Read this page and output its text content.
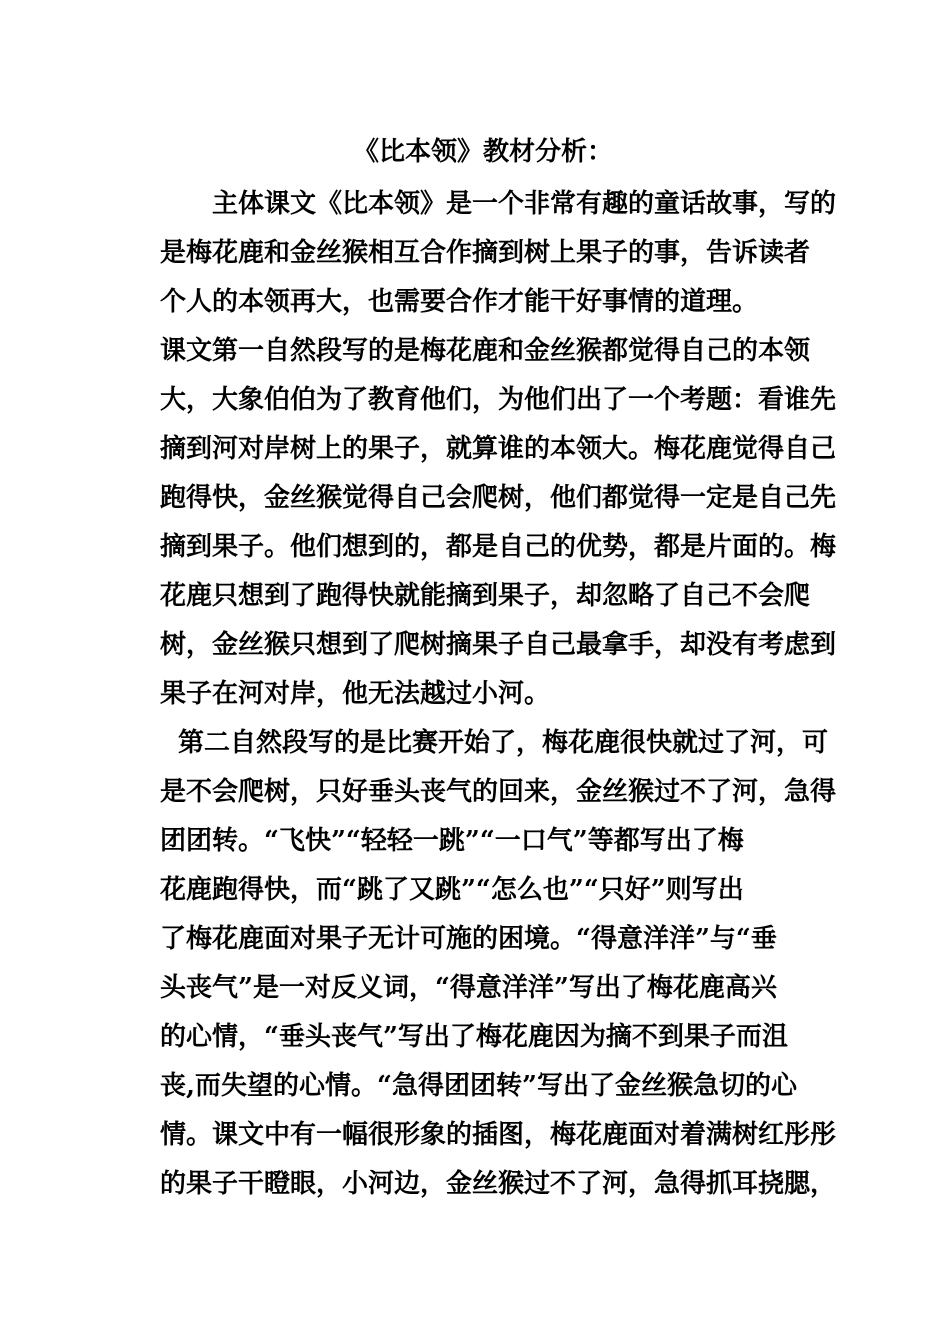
《比本领》教材分析：

主体课文《比本领》是一个非常有趣的童话故事，写的

是梅花鹿和金丝猴相互合作摘到树上果子的事，告诉读者

个人的本领再大，也需要合作才能干好事情的道理。

课文第一自然段写的是梅花鹿和金丝猴都觉得自己的本领

大，大象伯伯为了教育他们，为他们出了一个考题：看谁先

摘到河对岸树上的果子，就算谁的本领大。梅花鹿觉得自己

跑得快，金丝猴觉得自己会爬树，他们都觉得一定是自己先

摘到果子。他们想到的，都是自己的优势，都是片面的。梅

花鹿只想到了跑得快就能摘到果子，却忽略了自己不会爬

树，金丝猴只想到了爬树摘果子自己最拿手，却没有考虑到

果子在河对岸，他无法越过小河。

第二自然段写的是比赛开始了，梅花鹿很快就过了河，可

是不会爬树，只好垂头丧气的回来，金丝猴过不了河，急得

团团转。“飞快”“轻轻一跳”“一口气”等都写出了梅

花鹿跑得快，而“跳了又跳”“怎么也”“只好”则写出

了梅花鹿面对果子无计可施的困境。“得意洋洋”与“垂

头丧气”是一对反义词，“得意洋洋”写出了梅花鹿高兴

的心情，“垂头丧气”写出了梅花鹿因为摘不到果子而沮

丧,而失望的心情。“急得团团转”写出了金丝猴急切的心

情。课文中有一幅很形象的插图，梅花鹿面对着满树红彤彤

的果子干瞪眼，小河边，金丝猴过不了河，急得抓耳挠腮，
